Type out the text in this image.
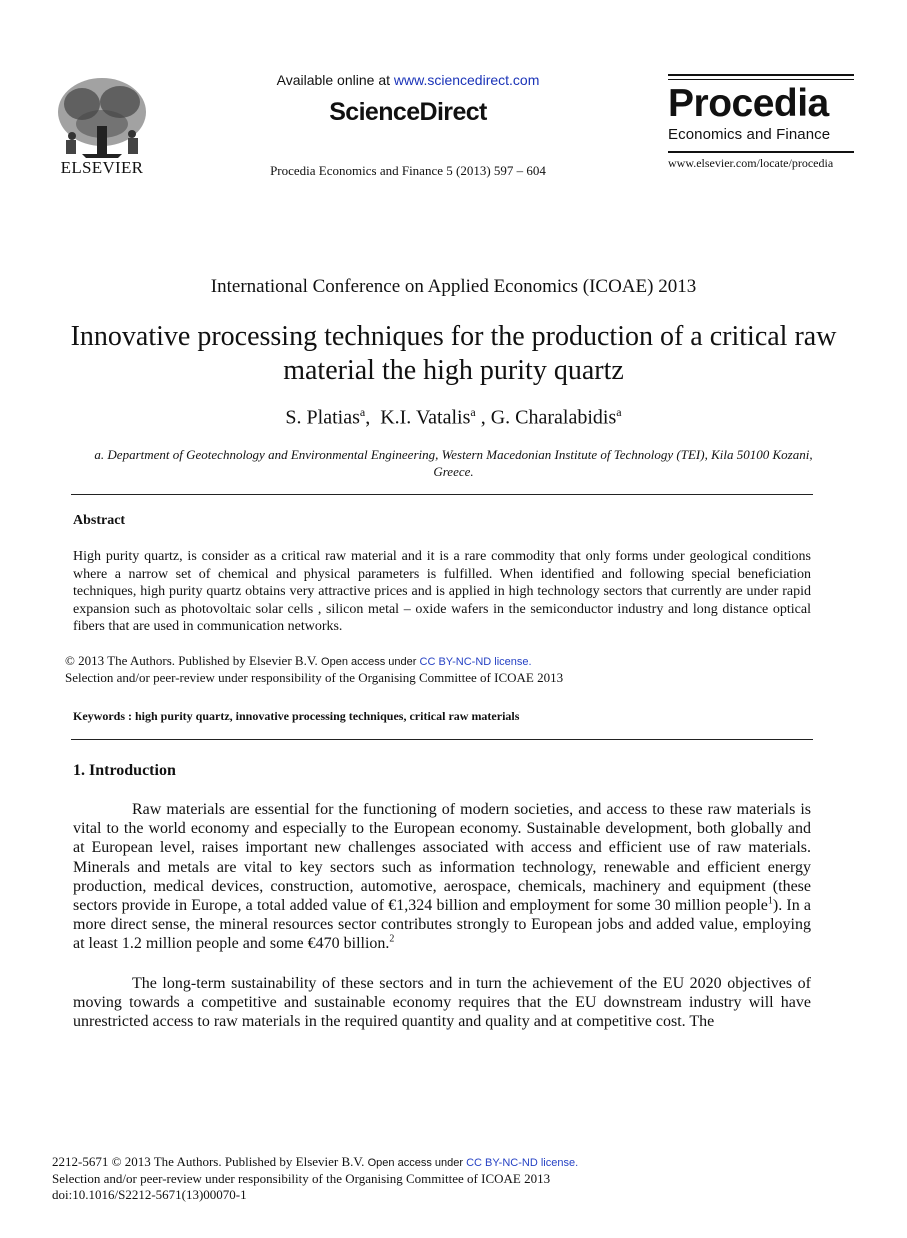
ELSEVIER
Available online at www.sciencedirect.com
ScienceDirect
Procedia Economics and Finance 5 (2013) 597 – 604
Procedia
Economics and Finance
www.elsevier.com/locate/procedia
International Conference on Applied Economics (ICOAE) 2013
Innovative processing techniques for the production of a critical raw material the high purity quartz
S. Platias$^a$,  K.I. Vatalis$^a$ , G. Charalabidis$^a$
a. Department of Geotechnology and Environmental Engineering, Western Macedonian Institute of Technology (TEI), Kila 50100 Kozani, Greece.
Abstract
High purity quartz, is consider as a critical raw material and it is a rare commodity that only forms under geological conditions where a narrow set of chemical and physical parameters is fulfilled. When identified and following special beneficiation techniques, high purity quartz obtains very attractive prices and is applied in high technology sectors that currently are under rapid expansion such as photovoltaic solar cells , silicon metal – oxide wafers in the semiconductor industry and long distance optical fibers that are used in communication networks.
© 2013 The Authors. Published by Elsevier B.V. Open access under CC BY-NC-ND license.
Selection and/or peer-review under responsibility of the Organising Committee of ICOAE 2013
Keywords : high purity quartz, innovative processing techniques, critical raw materials
1. Introduction
Raw materials are essential for the functioning of modern societies, and access to these raw materials is vital to the world economy and especially to the European economy. Sustainable development, both globally and at European level, raises important new challenges associated with access and efficient use of raw materials. Minerals and metals are vital to key sectors such as information technology, renewable and efficient energy production, medical devices, construction, automotive, aerospace, chemicals, machinery and equipment (these sectors provide in Europe, a total added value of €1,324 billion and employment for some 30 million people$^1$). In a more direct sense, the mineral resources sector contributes strongly to European jobs and added value, employing at least 1.2 million people and some €470 billion.$^2$
The long-term sustainability of these sectors and in turn the achievement of the EU 2020 objectives of moving towards a competitive and sustainable economy requires that the EU downstream industry will have unrestricted access to raw materials in the required quantity and quality and at competitive cost. The
2212-5671 © 2013 The Authors. Published by Elsevier B.V. Open access under CC BY-NC-ND license.
Selection and/or peer-review under responsibility of the Organising Committee of ICOAE 2013
doi:10.1016/S2212-5671(13)00070-1
